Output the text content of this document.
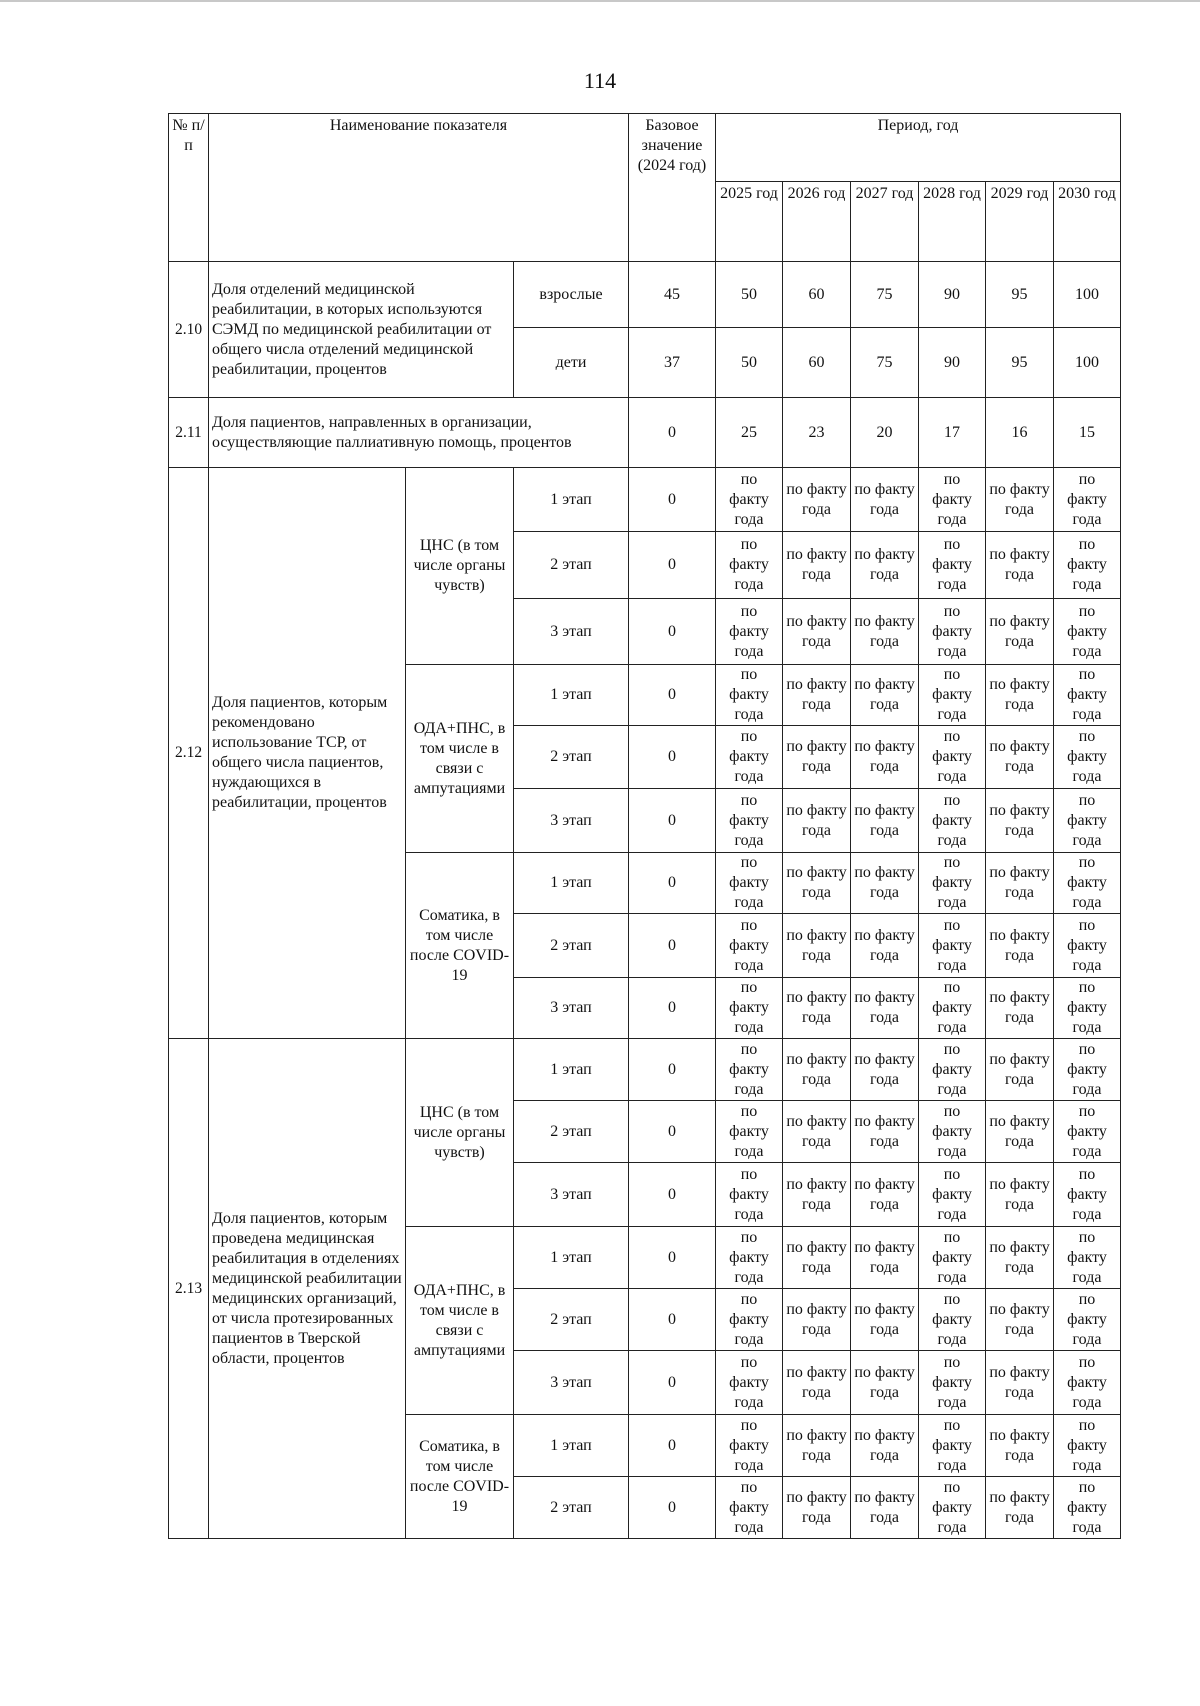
114
№ п/п	Наименование показателя			Базовое значение (2024 год)	Период, год					
					2025 год	2026 год	2027 год	2028 год	2029 год	2030 год
2.10	Доля отделений медицинской реабилитации, в которых используются СЭМД по медицинской реабилитации от общего числа отделений медицинской реабилитации, процентов		взрослые	45	50	60	75	90	95	100
			дети	37	50	60	75	90	95	100
2.11	Доля пациентов, направленных в организации, осуществляющие паллиативную помощь, процентов			0	25	23	20	17	16	15
2.12	Доля пациентов, которым рекомендовано использование ТСР, от общего числа пациентов, нуждающихся в реабилитации, процентов	ЦНС (в том числе органы чувств)	1 этап	0	по факту года	по факту года	по факту года	по факту года	по факту года	по факту года
			2 этап	0	по факту года	по факту года	по факту года	по факту года	по факту года	по факту года
			3 этап	0	по факту года	по факту года	по факту года	по факту года	по факту года	по факту года
		ОДА+ПНС, в том числе в связи с ампутациями	1 этап	0	по факту года	по факту года	по факту года	по факту года	по факту года	по факту года
			2 этап	0	по факту года	по факту года	по факту года	по факту года	по факту года	по факту года
			3 этап	0	по факту года	по факту года	по факту года	по факту года	по факту года	по факту года
		Соматика, в том числе после COVID-19	1 этап	0	по факту года	по факту года	по факту года	по факту года	по факту года	по факту года
			2 этап	0	по факту года	по факту года	по факту года	по факту года	по факту года	по факту года
			3 этап	0	по факту года	по факту года	по факту года	по факту года	по факту года	по факту года
2.13	Доля пациентов, которым проведена медицинская реабилитация в отделениях медицинской реабилитации медицинских организаций, от числа протезированных пациентов в Тверской области, процентов	ЦНС (в том числе органы чувств)	1 этап	0	по факту года	по факту года	по факту года	по факту года	по факту года	по факту года
			2 этап	0	по факту года	по факту года	по факту года	по факту года	по факту года	по факту года
			3 этап	0	по факту года	по факту года	по факту года	по факту года	по факту года	по факту года
		ОДА+ПНС, в том числе в связи с ампутациями	1 этап	0	по факту года	по факту года	по факту года	по факту года	по факту года	по факту года
			2 этап	0	по факту года	по факту года	по факту года	по факту года	по факту года	по факту года
			3 этап	0	по факту года	по факту года	по факту года	по факту года	по факту года	по факту года
		Соматика, в том числе после COVID-19	1 этап	0	по факту года	по факту года	по факту года	по факту года	по факту года	по факту года
			2 этап	0	по факту года	по факту года	по факту года	по факту года	по факту года	по факту года
